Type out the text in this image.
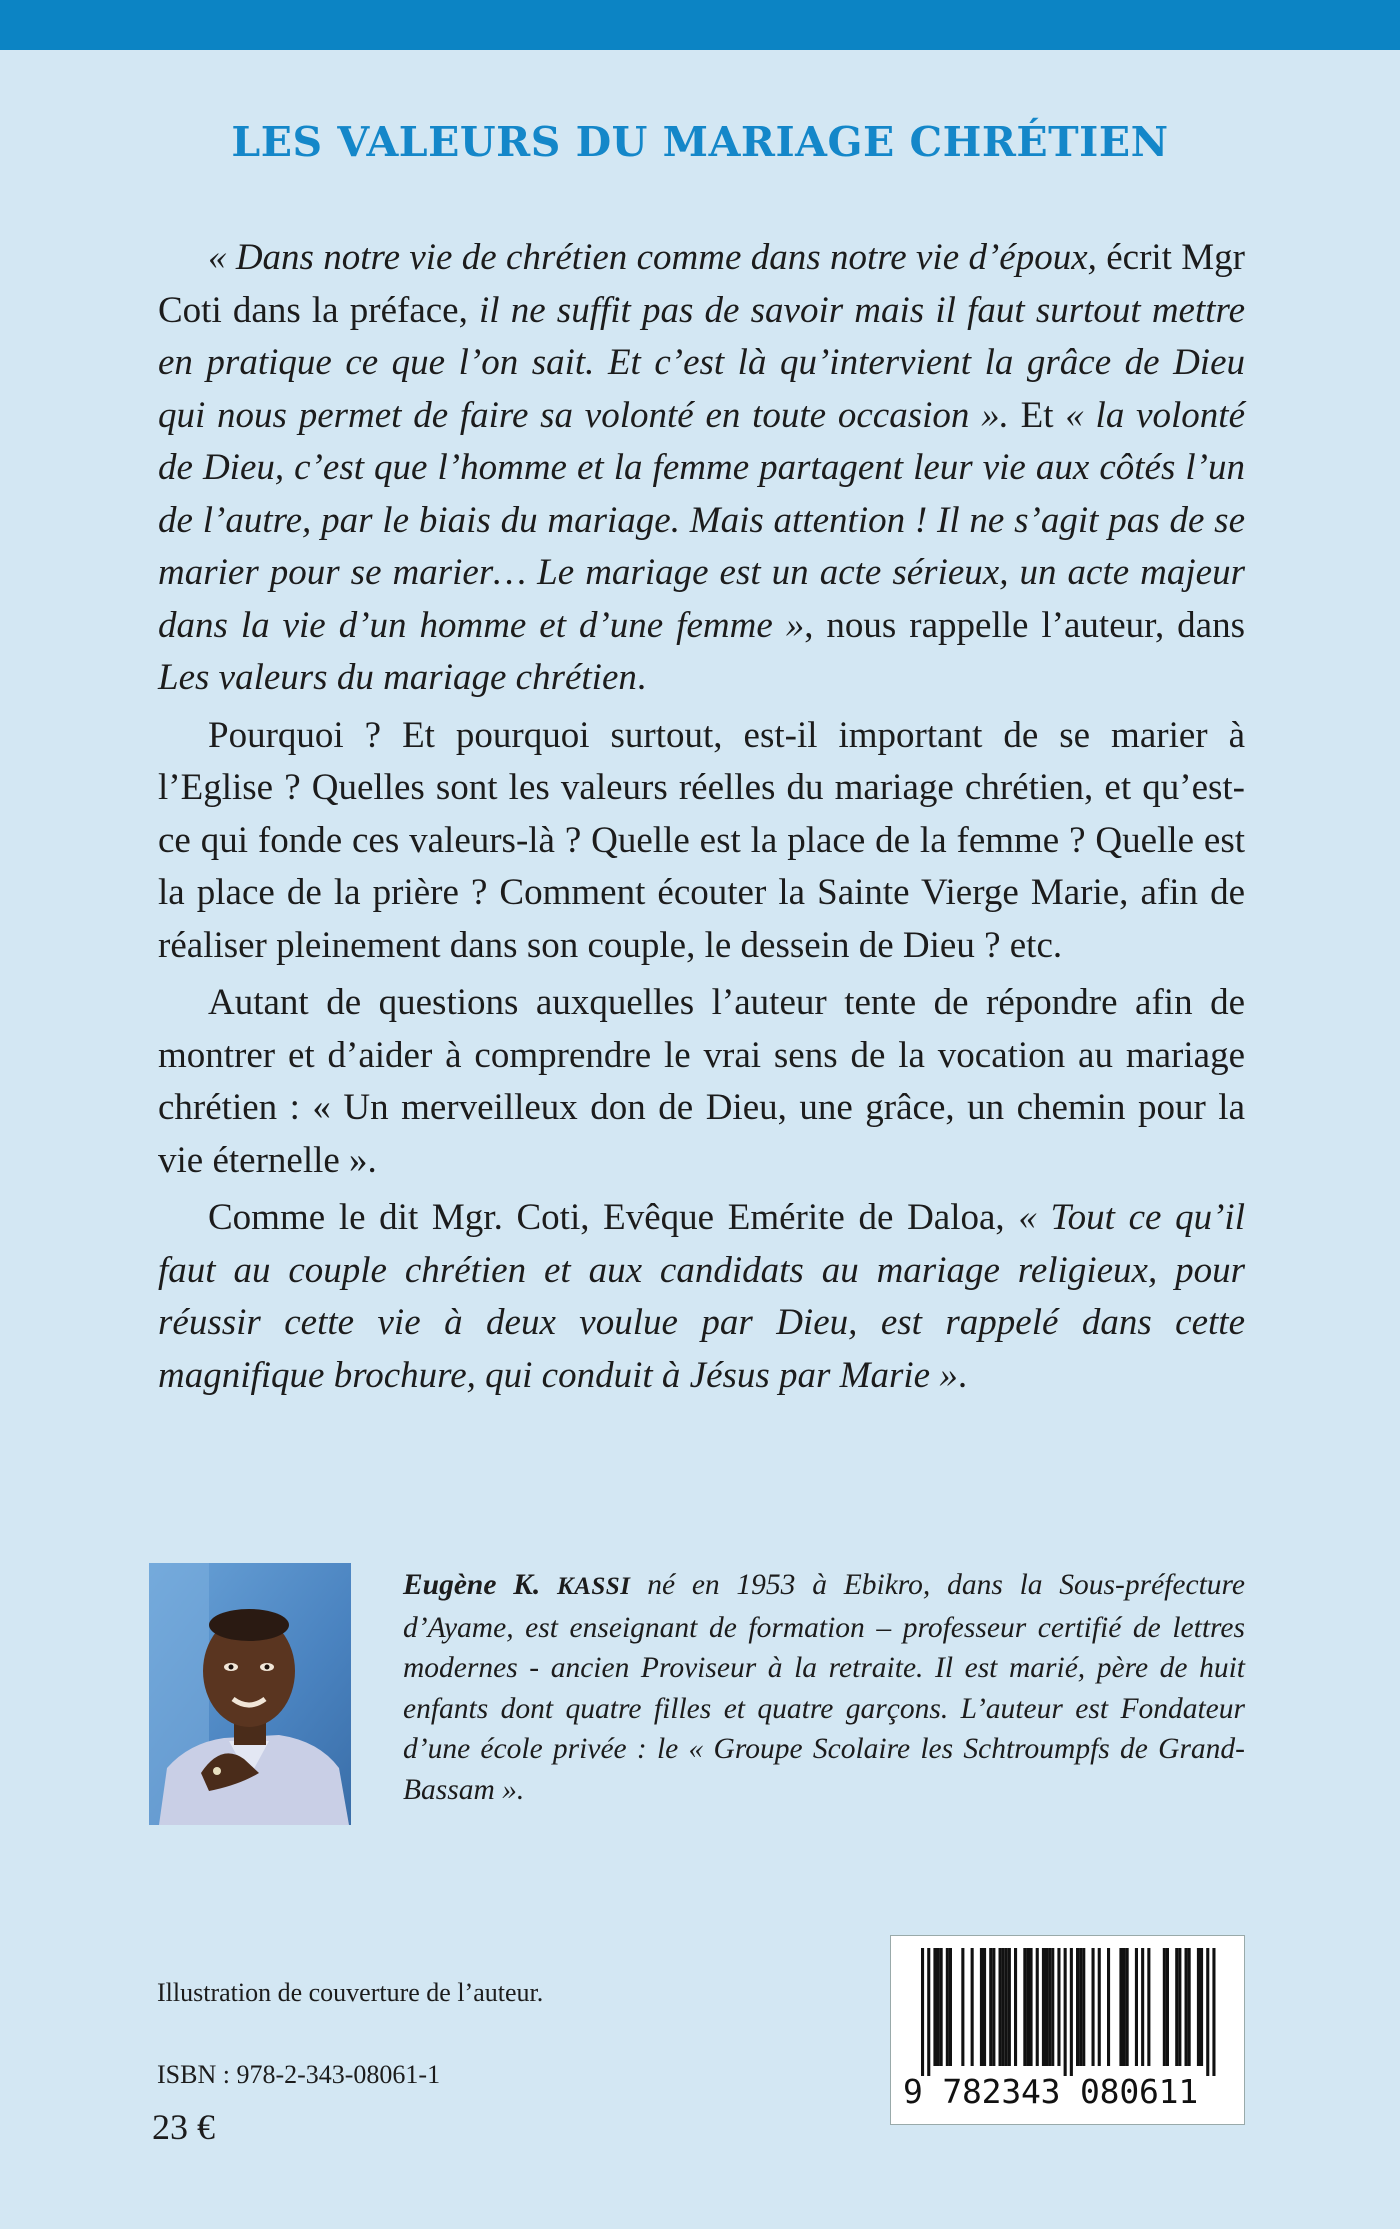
LES VALEURS DU MARIAGE CHRÉTIEN

« Dans notre vie de chrétien comme dans notre vie d’époux, écrit Mgr Coti dans la préface, il ne suffit pas de savoir mais il faut surtout mettre en pratique ce que l’on sait. Et c’est là qu’intervient la grâce de Dieu qui nous permet de faire sa volonté en toute occasion ». Et « la volonté de Dieu, c’est que l’homme et la femme partagent leur vie aux côtés l’un de l’autre, par le biais du mariage. Mais attention ! Il ne s’agit pas de se marier pour se marier… Le mariage est un acte sérieux, un acte majeur dans la vie d’un homme et d’une femme », nous rappelle l’auteur, dans Les valeurs du mariage chrétien.

Pourquoi ? Et pourquoi surtout, est-il important de se marier à l’Eglise ? Quelles sont les valeurs réelles du mariage chrétien, et qu’est-ce qui fonde ces valeurs-là ? Quelle est la place de la femme ? Quelle est la place de la prière ? Comment écouter la Sainte Vierge Marie, afin de réaliser pleinement dans son couple, le dessein de Dieu ? etc.

Autant de questions auxquelles l’auteur tente de répondre afin de montrer et d’aider à comprendre le vrai sens de la vocation au mariage chrétien : « Un merveilleux don de Dieu, une grâce, un chemin pour la vie éternelle ».

Comme le dit Mgr. Coti, Evêque Emérite de Daloa, « Tout ce qu’il faut au couple chrétien et aux candidats au mariage religieux, pour réussir cette vie à deux voulue par Dieu, est rappelé dans cette magnifique brochure, qui conduit à Jésus par Marie ».

Eugène K. KASSI né en 1953 à Ebikro, dans la Sous-préfecture d’Ayame, est enseignant de formation – professeur certifié de lettres modernes - ancien Proviseur à la retraite. Il est marié, père de huit enfants dont quatre filles et quatre garçons. L’auteur est Fondateur d’une école privée : le « Groupe Scolaire les Schtroumpfs de Grand-Bassam ».
Illustration de couverture de l’auteur.
ISBN : 978-2-343-08061-1
23 €
9 782343 080611
